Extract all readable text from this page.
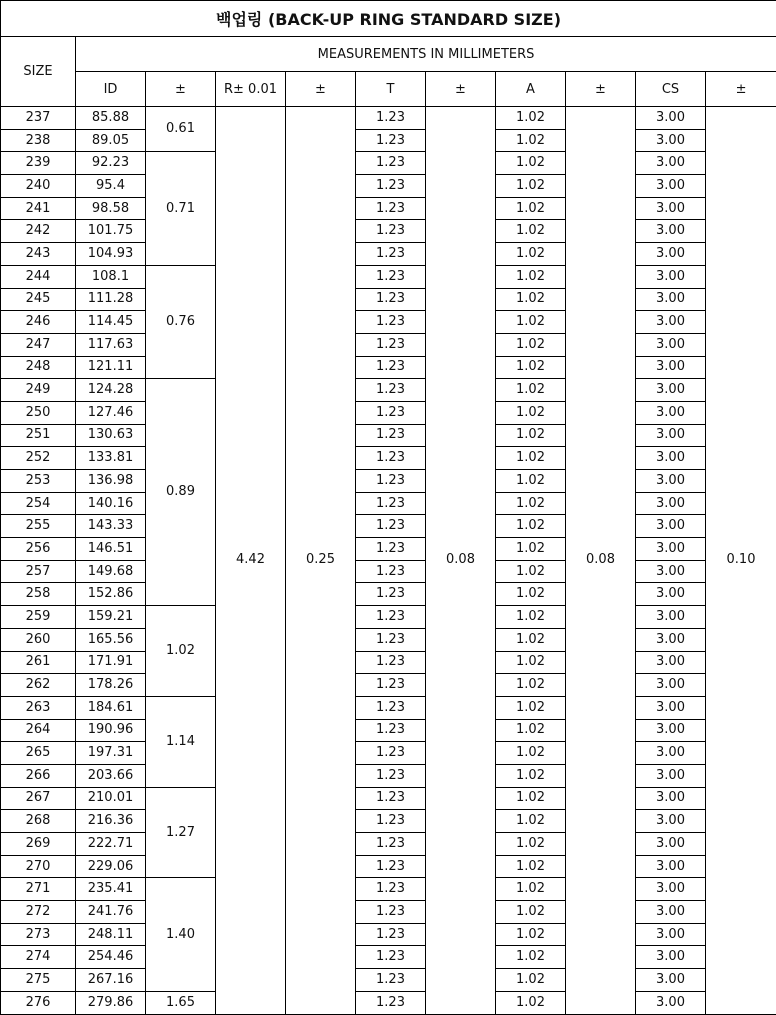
백업링 (BACK-UP RING STANDARD SIZE)										
SIZE	MEASUREMENTS IN MILLIMETERS									
	ID	±	R± 0.01	±	T	±	A	±	CS	±
237	85.88	0.61	4.42	0.25	1.23	0.08	1.02	0.08	3.00	0.10
238	89.05				1.23		1.02		3.00	
239	92.23	0.71			1.23		1.02		3.00	
240	95.4				1.23		1.02		3.00	
241	98.58				1.23		1.02		3.00	
242	101.75				1.23		1.02		3.00	
243	104.93				1.23		1.02		3.00	
244	108.1	0.76			1.23		1.02		3.00	
245	111.28				1.23		1.02		3.00	
246	114.45				1.23		1.02		3.00	
247	117.63				1.23		1.02		3.00	
248	121.11				1.23		1.02		3.00	
249	124.28	0.89			1.23		1.02		3.00	
250	127.46				1.23		1.02		3.00	
251	130.63				1.23		1.02		3.00	
252	133.81				1.23		1.02		3.00	
253	136.98				1.23		1.02		3.00	
254	140.16				1.23		1.02		3.00	
255	143.33				1.23		1.02		3.00	
256	146.51				1.23		1.02		3.00	
257	149.68				1.23		1.02		3.00	
258	152.86				1.23		1.02		3.00	
259	159.21	1.02			1.23		1.02		3.00	
260	165.56				1.23		1.02		3.00	
261	171.91				1.23		1.02		3.00	
262	178.26				1.23		1.02		3.00	
263	184.61	1.14			1.23		1.02		3.00	
264	190.96				1.23		1.02		3.00	
265	197.31				1.23		1.02		3.00	
266	203.66				1.23		1.02		3.00	
267	210.01	1.27			1.23		1.02		3.00	
268	216.36				1.23		1.02		3.00	
269	222.71				1.23		1.02		3.00	
270	229.06				1.23		1.02		3.00	
271	235.41	1.40			1.23		1.02		3.00	
272	241.76				1.23		1.02		3.00	
273	248.11				1.23		1.02		3.00	
274	254.46				1.23		1.02		3.00	
275	267.16				1.23		1.02		3.00	
276	279.86	1.65			1.23		1.02		3.00	
